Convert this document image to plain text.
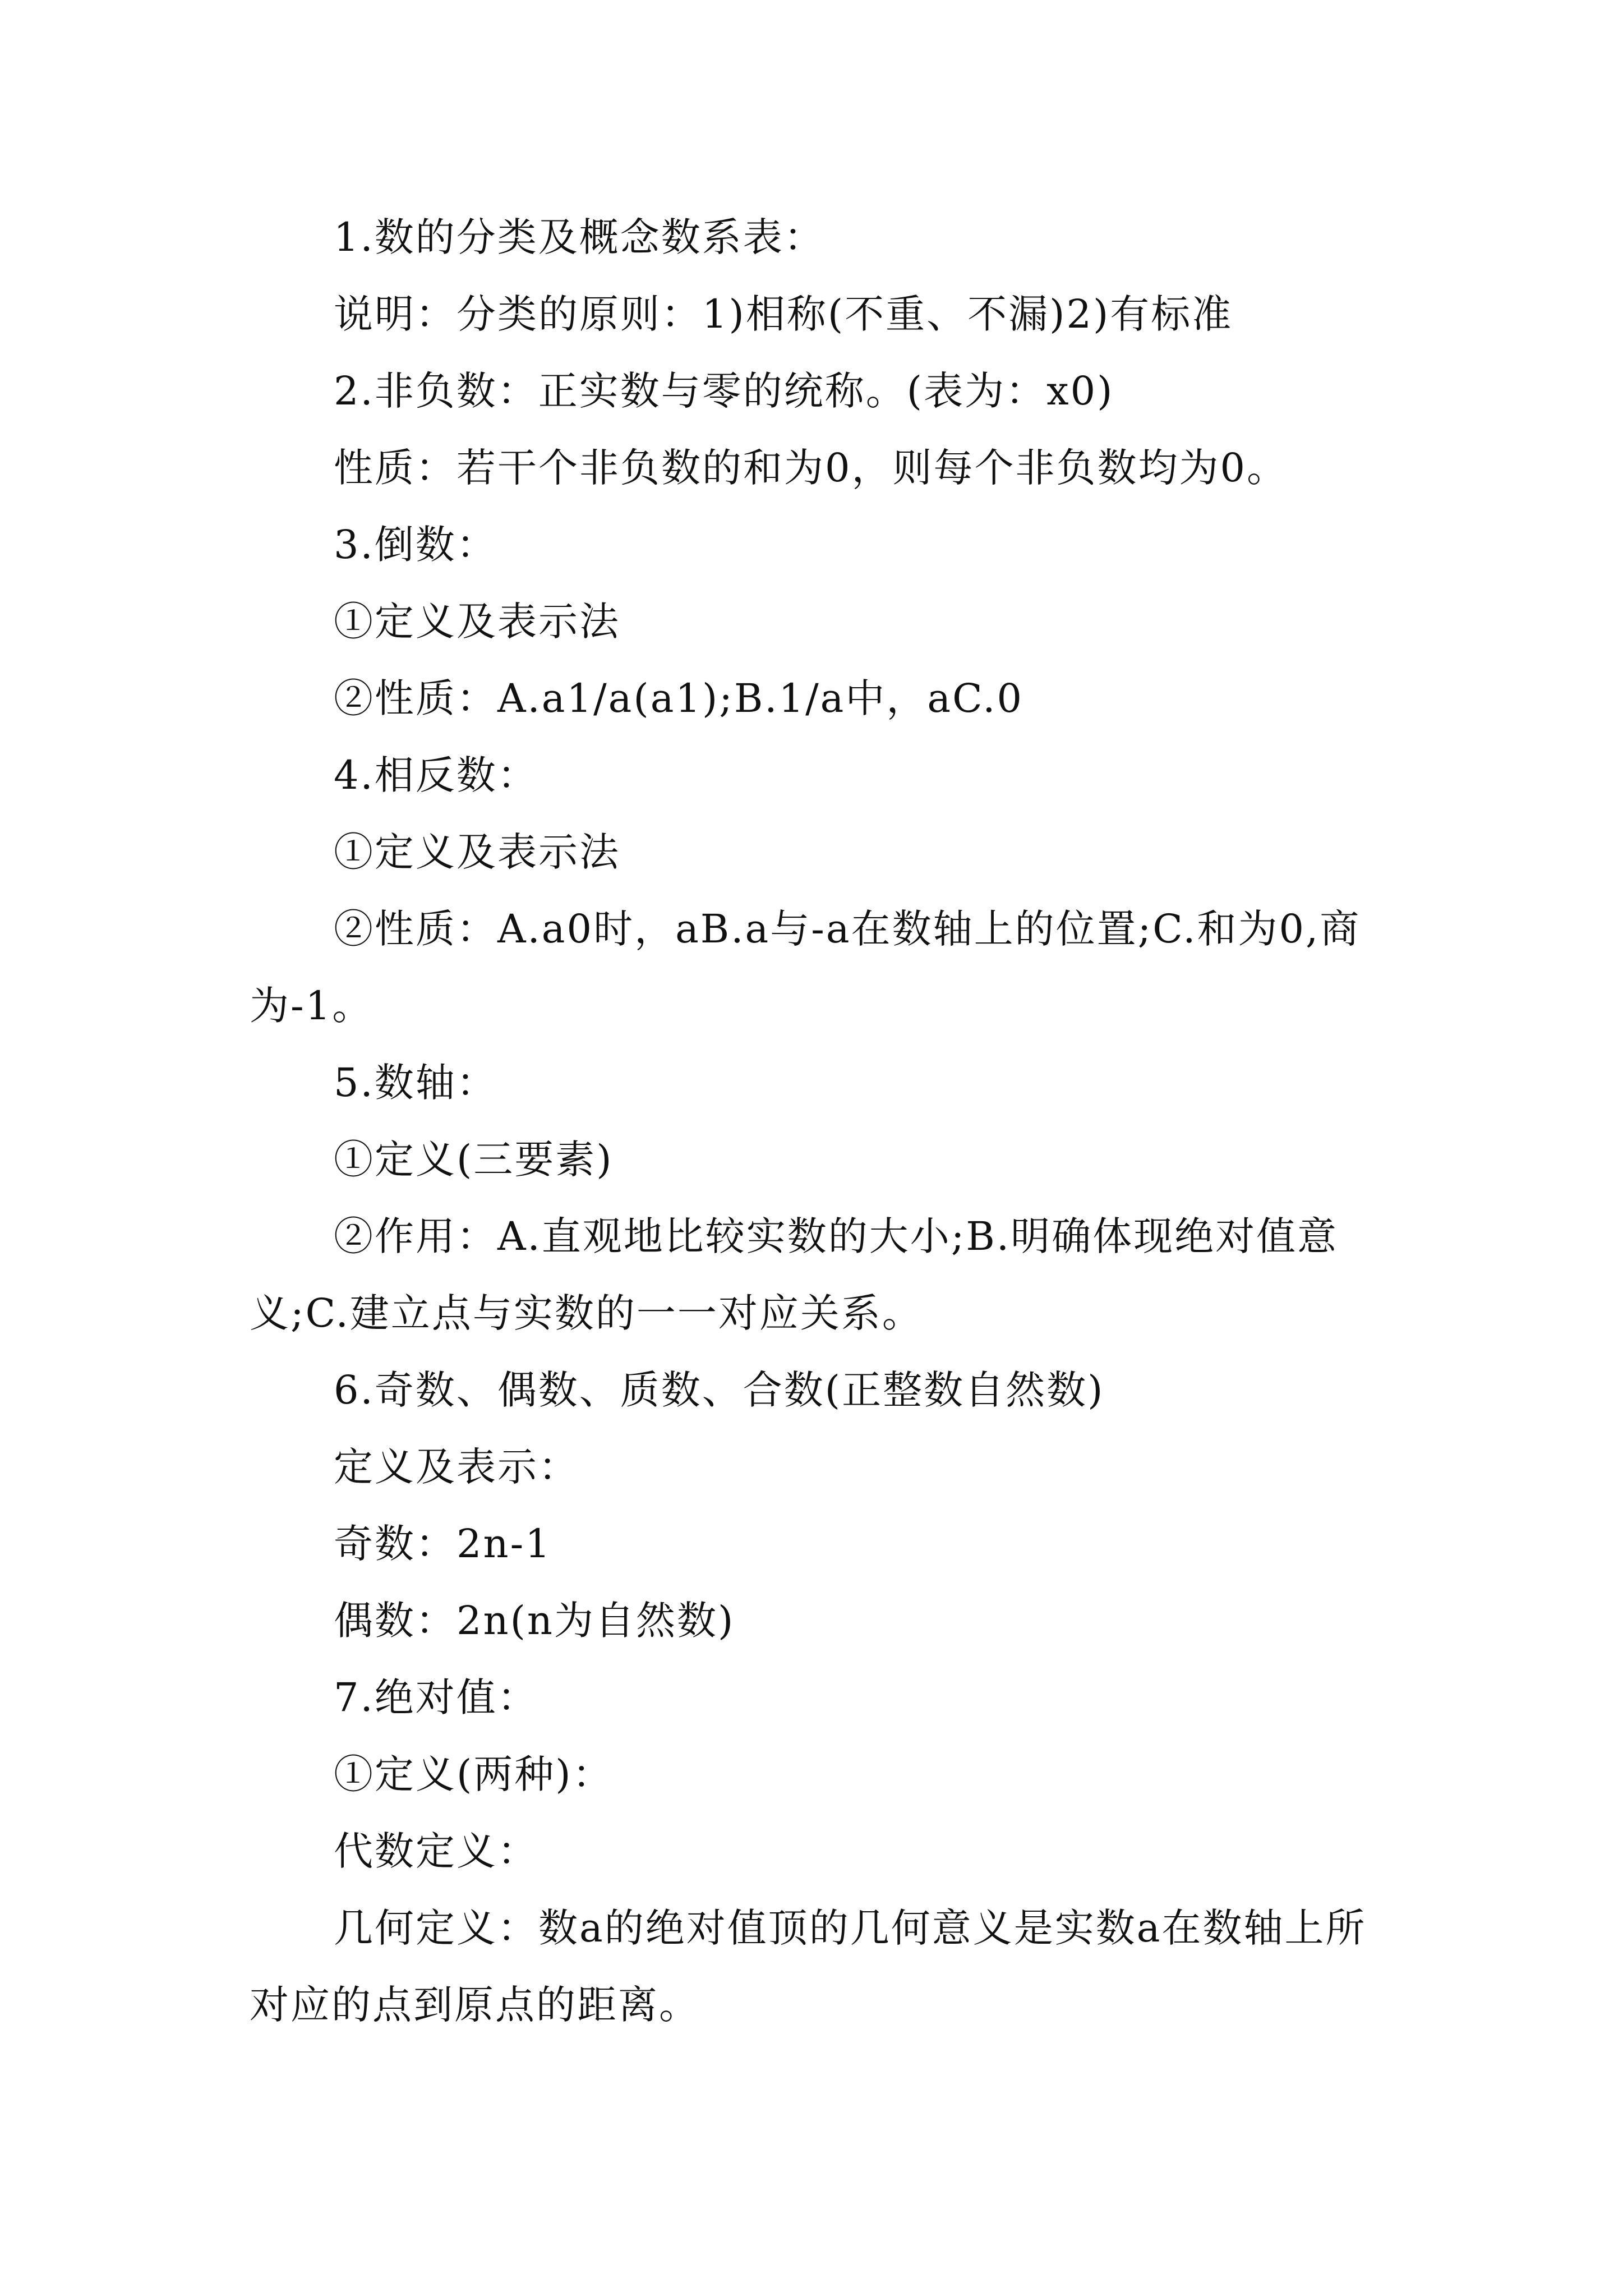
1.数的分类及概念数系表：

说明：分类的原则：1)相称(不重、不漏)2)有标准

2.非负数：正实数与零的统称。(表为：x0)

性质：若干个非负数的和为0，则每个非负数均为0。

3.倒数：

①定义及表示法

②性质：A.a1/a(a1);B.1/a中，aC.0

4.相反数：

①定义及表示法

②性质：A.a0时，aB.a与-a在数轴上的位置;C.和为0,商为-1。

5.数轴：

①定义(三要素)

②作用：A.直观地比较实数的大小;B.明确体现绝对值意义;C.建立点与实数的一一对应关系。

6.奇数、偶数、质数、合数(正整数自然数)

定义及表示：

奇数：2n-1

偶数：2n(n为自然数)

7.绝对值：

①定义(两种)：

代数定义：

几何定义：数a的绝对值顶的几何意义是实数a在数轴上所对应的点到原点的距离。
